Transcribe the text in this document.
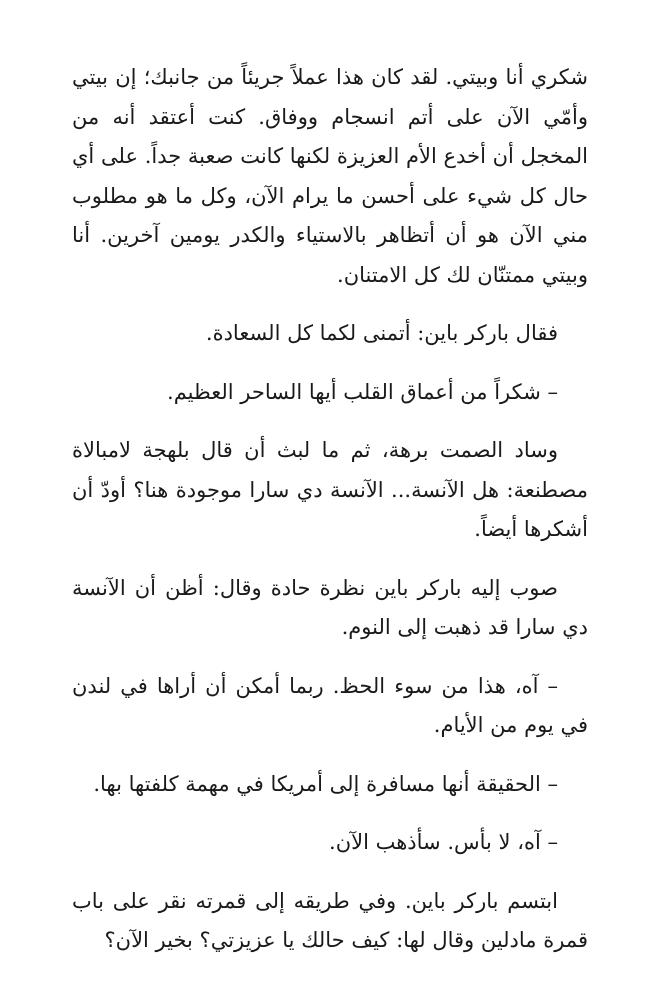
شكري أنا وبيتي. لقد كان هذا عملاً جريئاً من جانبك؛ إن بيتي وأمّي الآن على أتم انسجام ووفاق. كنت أعتقد أنه من المخجل أن أخدع الأم العزيزة لكنها كانت صعبة جداً. على أي حال كل شيء على أحسن ما يرام الآن، وكل ما هو مطلوب مني الآن هو أن أتظاهر بالاستياء والكدر يومين آخرين. أنا وبيتي ممتنّان لك كل الامتنان.

فقال باركر باين: أتمنى لكما كل السعادة.

– شكراً من أعماق القلب أيها الساحر العظيم.

وساد الصمت برهة، ثم ما لبث أن قال بلهجة لامبالاة مصطنعة: هل الآنسة... الآنسة دي سارا موجودة هنا؟ أودّ أن أشكرها أيضاً.

صوب إليه باركر باين نظرة حادة وقال: أظن أن الآنسة دي سارا قد ذهبت إلى النوم.

– آه، هذا من سوء الحظ. ربما أمكن أن أراها في لندن في يوم من الأيام.

– الحقيقة أنها مسافرة إلى أمريكا في مهمة كلفتها بها.

– آه، لا بأس. سأذهب الآن.

ابتسم باركر باين. وفي طريقه إلى قمرته نقر على باب قمرة مادلين وقال لها: كيف حالك يا عزيزتي؟ بخير الآن؟
